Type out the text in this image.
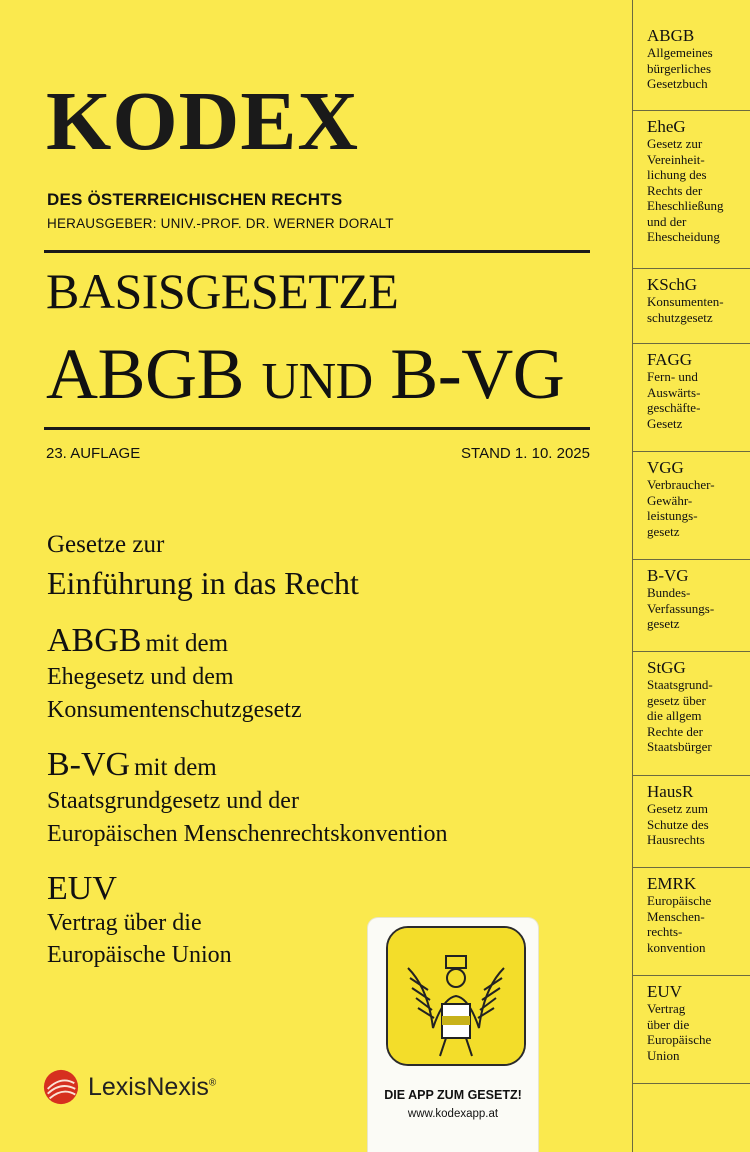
KODEX
DES ÖSTERREICHISCHEN RECHTS
HERAUSGEBER: UNIV.-PROF. DR. WERNER DORALT
BASISGESETZE
ABGB UND B-VG
23. AUFLAGE	STAND 1. 10. 2025
Gesetze zur
Einführung in das Recht
ABGB mit dem
Ehegesetz und dem
Konsumentenschutzgesetz
B-VG mit dem
Staatsgrundgesetz und der
Europäischen Menschenrechtskonvention
EUV
Vertrag über die
Europäische Union
DIE APP ZUM GESETZ!
www.kodexapp.at
LexisNexis®
ABGB
Allgemeines
bürgerliches
Gesetzbuch
EheG
Gesetz zur
Vereinheit-
lichung des
Rechts der
Eheschließung
und der
Ehescheidung
KSchG
Konsumenten-
schutzgesetz
FAGG
Fern- und
Auswärts-
geschäfte-
Gesetz
VGG
Verbraucher-
Gewähr-
leistungs-
gesetz
B-VG
Bundes-
Verfassungs-
gesetz
StGG
Staatsgrund-
gesetz über
die allgem
Rechte der
Staatsbürger
HausR
Gesetz zum
Schutze des
Hausrechts
EMRK
Europäische
Menschen-
rechts-
konvention
EUV
Vertrag
über die
Europäische
Union
